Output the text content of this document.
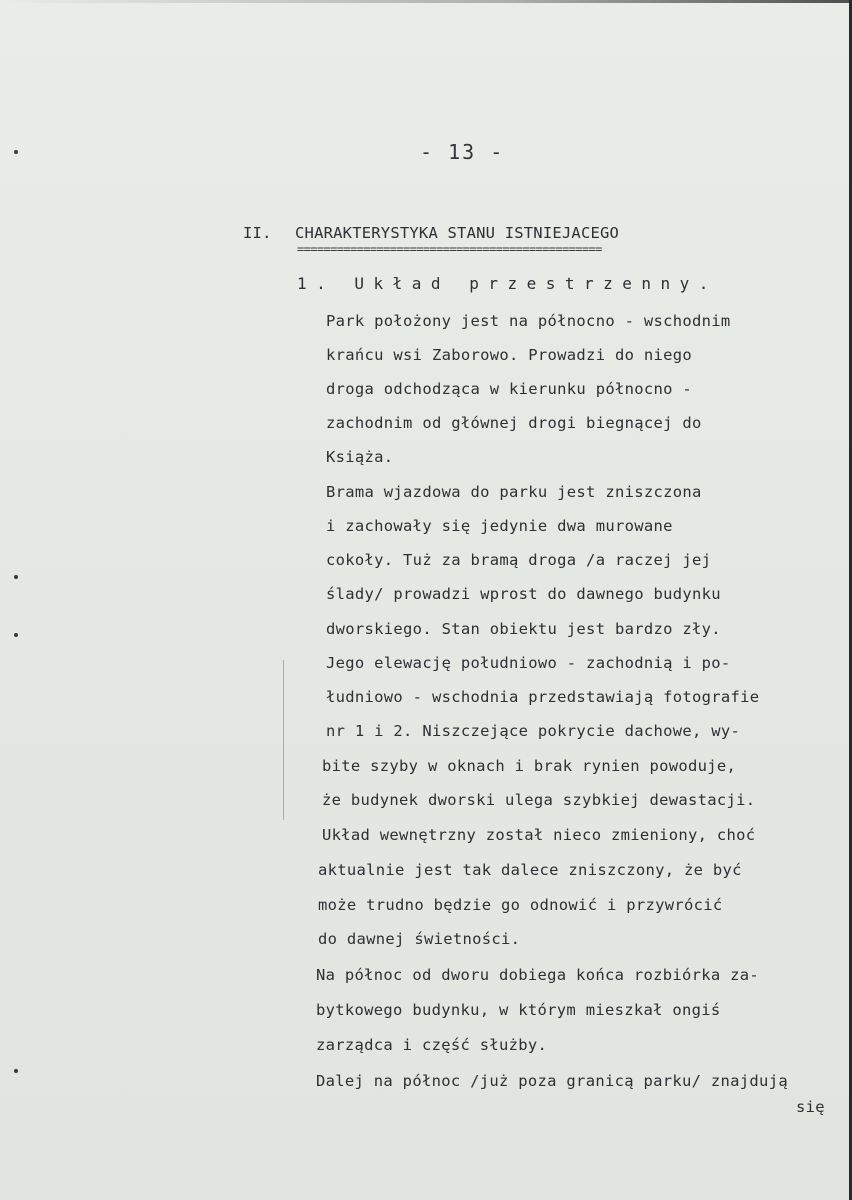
- 13 -
II. CHARAKTERYSTYKA STANU ISTNIEJACEGO
==============================================
1. Układ przestrzenny.
Park położony jest na północno - wschodnim
krańcu wsi Zaborowo. Prowadzi do niego
droga odchodząca w kierunku północno -
zachodnim od głównej drogi biegnącej do
Książa.
Brama wjazdowa do parku jest zniszczona
i zachowały się jedynie dwa murowane
cokoły. Tuż za bramą droga /a raczej jej
ślady/ prowadzi wprost do dawnego budynku
dworskiego. Stan obiektu jest bardzo zły.
Jego elewację południowo - zachodnią i po-
łudniowo - wschodnia przedstawiają fotografie
nr 1 i 2. Niszczejące pokrycie dachowe, wy-
bite szyby w oknach i brak rynien powoduje,
że budynek dworski ulega szybkiej dewastacji.
Układ wewnętrzny został nieco zmieniony, choć
aktualnie jest tak dalece zniszczony, że być
może trudno będzie go odnowić i przywrócić
do dawnej świetności.
Na północ od dworu dobiega końca rozbiórka za-
bytkowego budynku, w którym mieszkał ongiś
zarządca i część służby.
Dalej na północ /już poza granicą parku/ znajdują
się
